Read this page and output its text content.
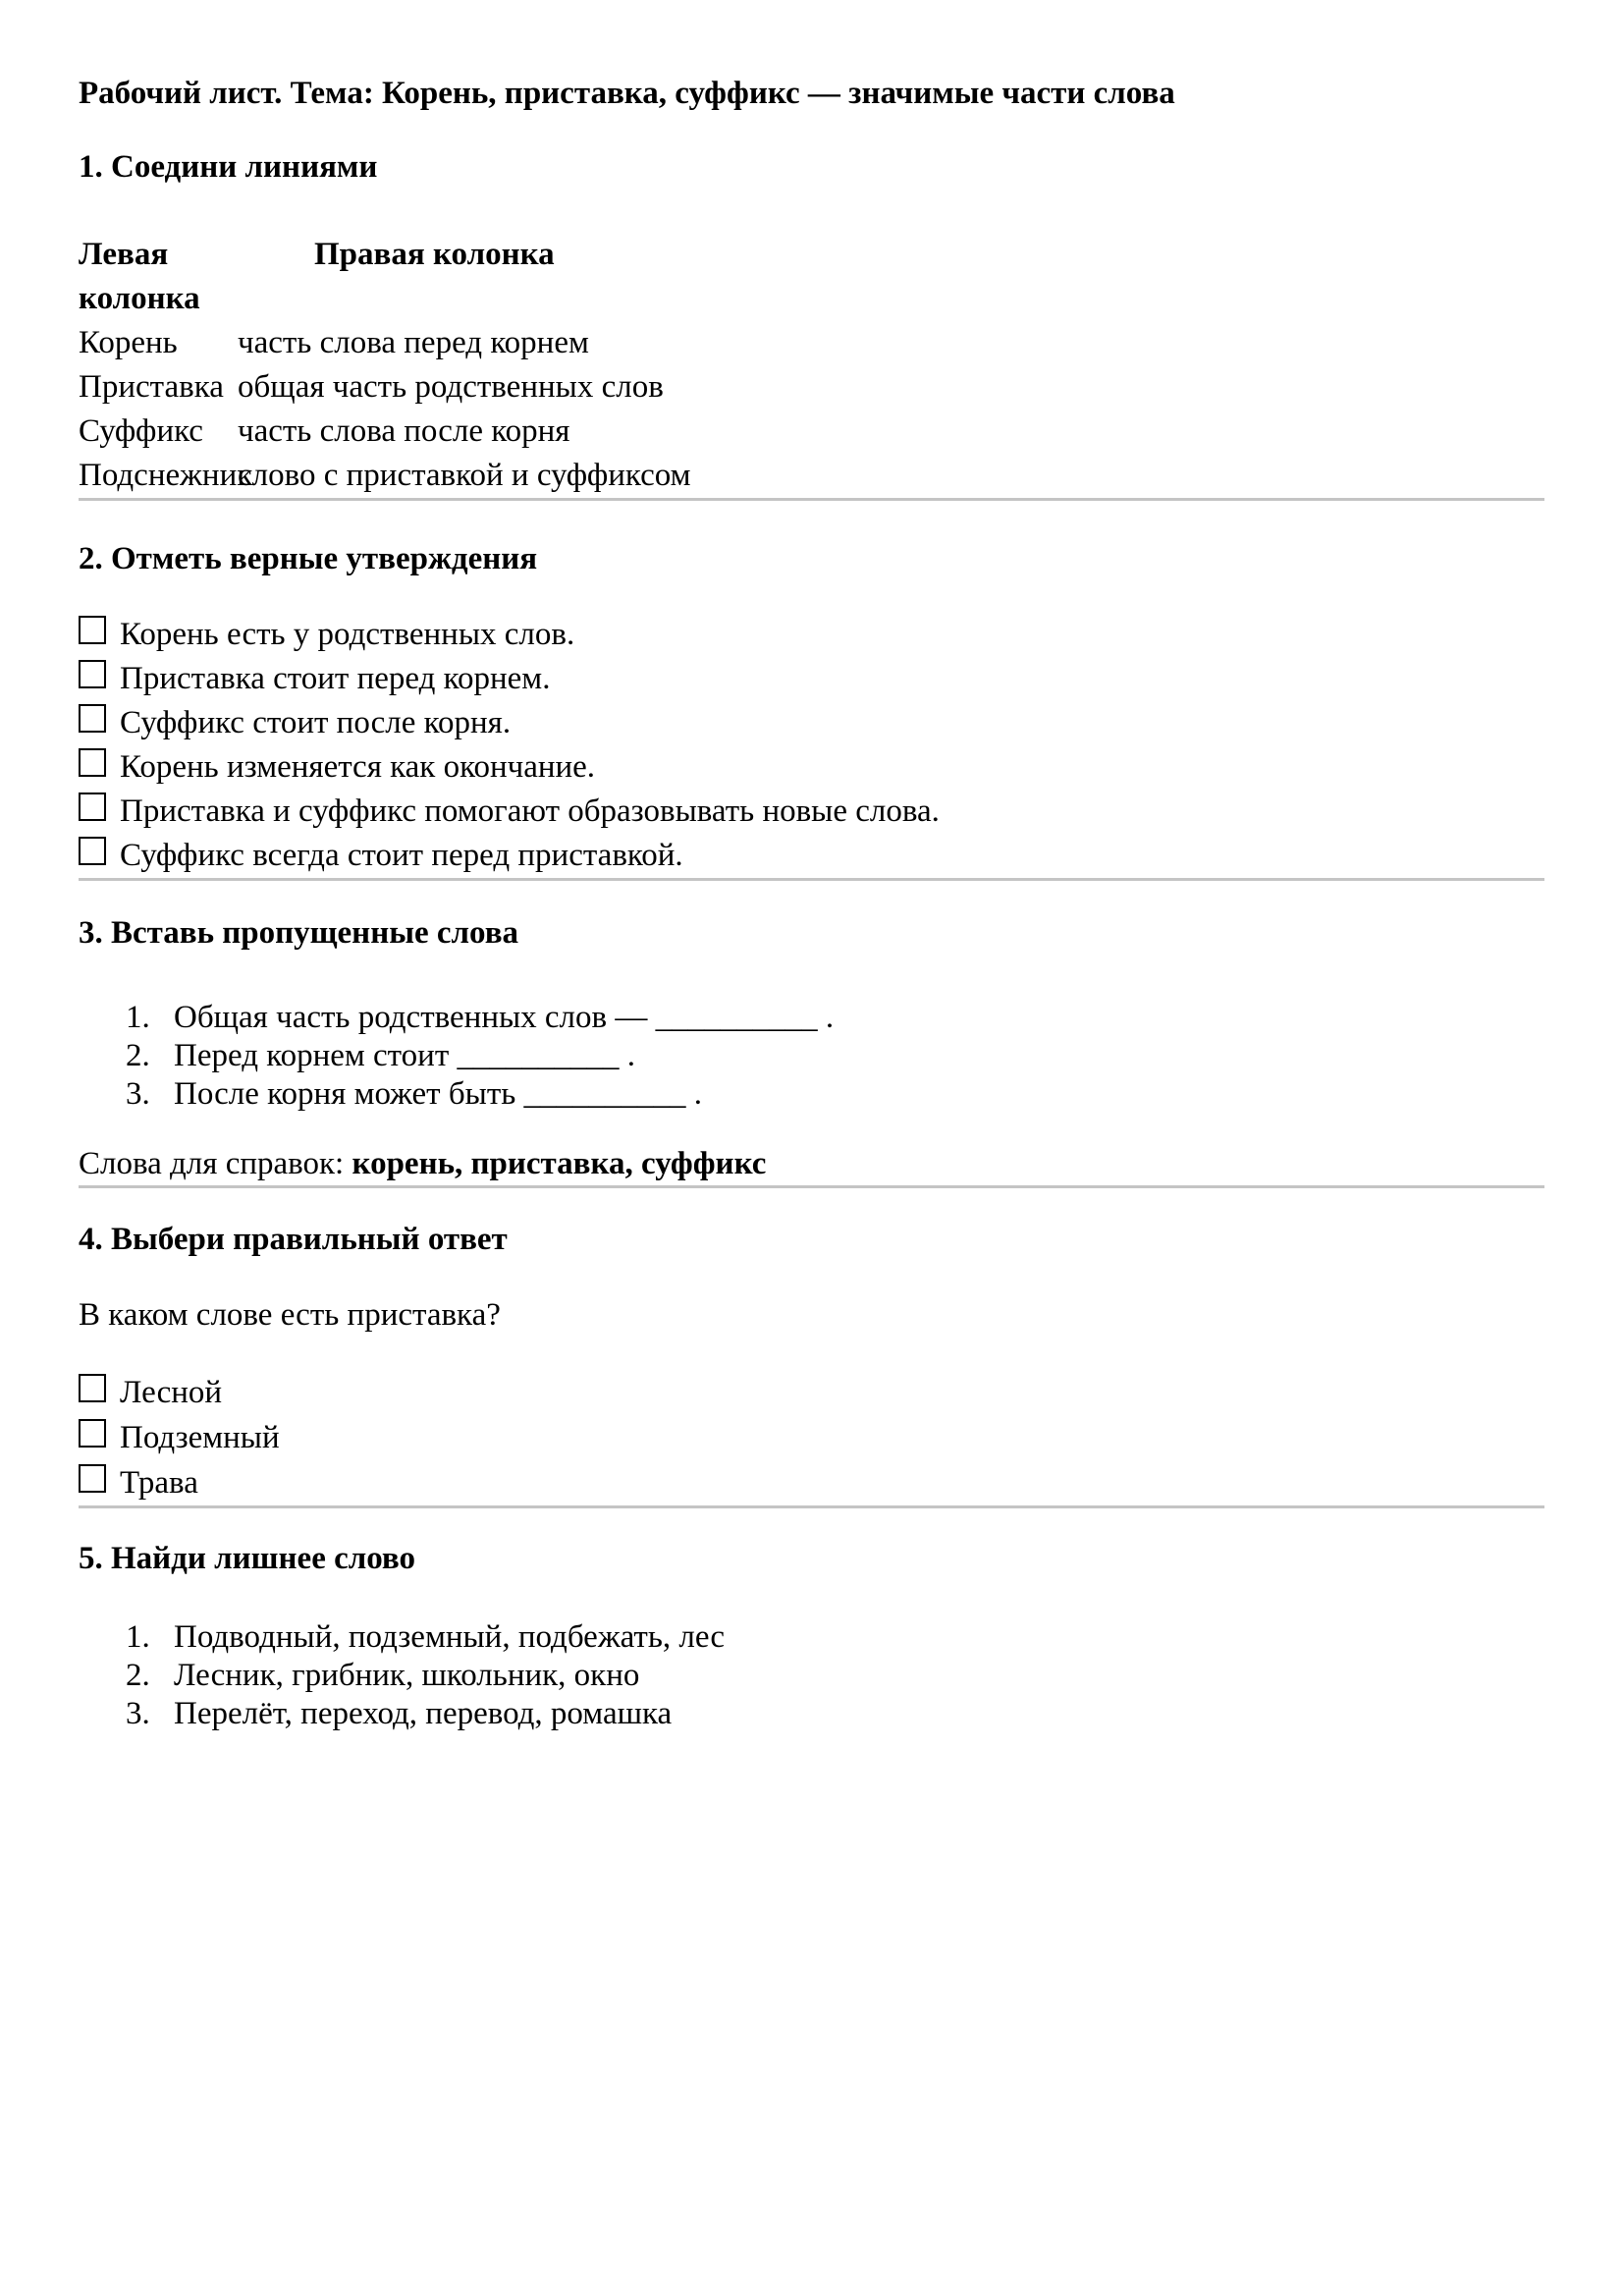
Рабочий лист. Тема: Корень, приставка, суффикс — значимые части слова
1. Соедини линиями
Левая колонка
Правая колонка
Корень	часть слова перед корнем
Приставка общая часть родственных слов
Суффикс	часть слова после корня
Подснежник
слово с приставкой и суффиксом
2. Отметь верные утверждения
Корень есть у родственных слов.
Приставка стоит перед корнем.
Суффикс стоит после корня.
Корень изменяется как окончание.
Приставка и суффикс помогают образовывать новые слова.
Суффикс всегда стоит перед приставкой.
3. Вставь пропущенные слова
1. Общая часть родственных слов — __________ .
2. Перед корнем стоит __________ .
3. После корня может быть __________ .

Слова для справок: корень, приставка, суффикс

4. Выбери правильный ответ

В каком слове есть приставка?

Лесной
Подземный
Трава
5. Найди лишнее слово
1. Подводный, подземный, подбежать, лес
2. Лесник, грибник, школьник, окно
3. Перелёт, переход, перевод, ромашка
